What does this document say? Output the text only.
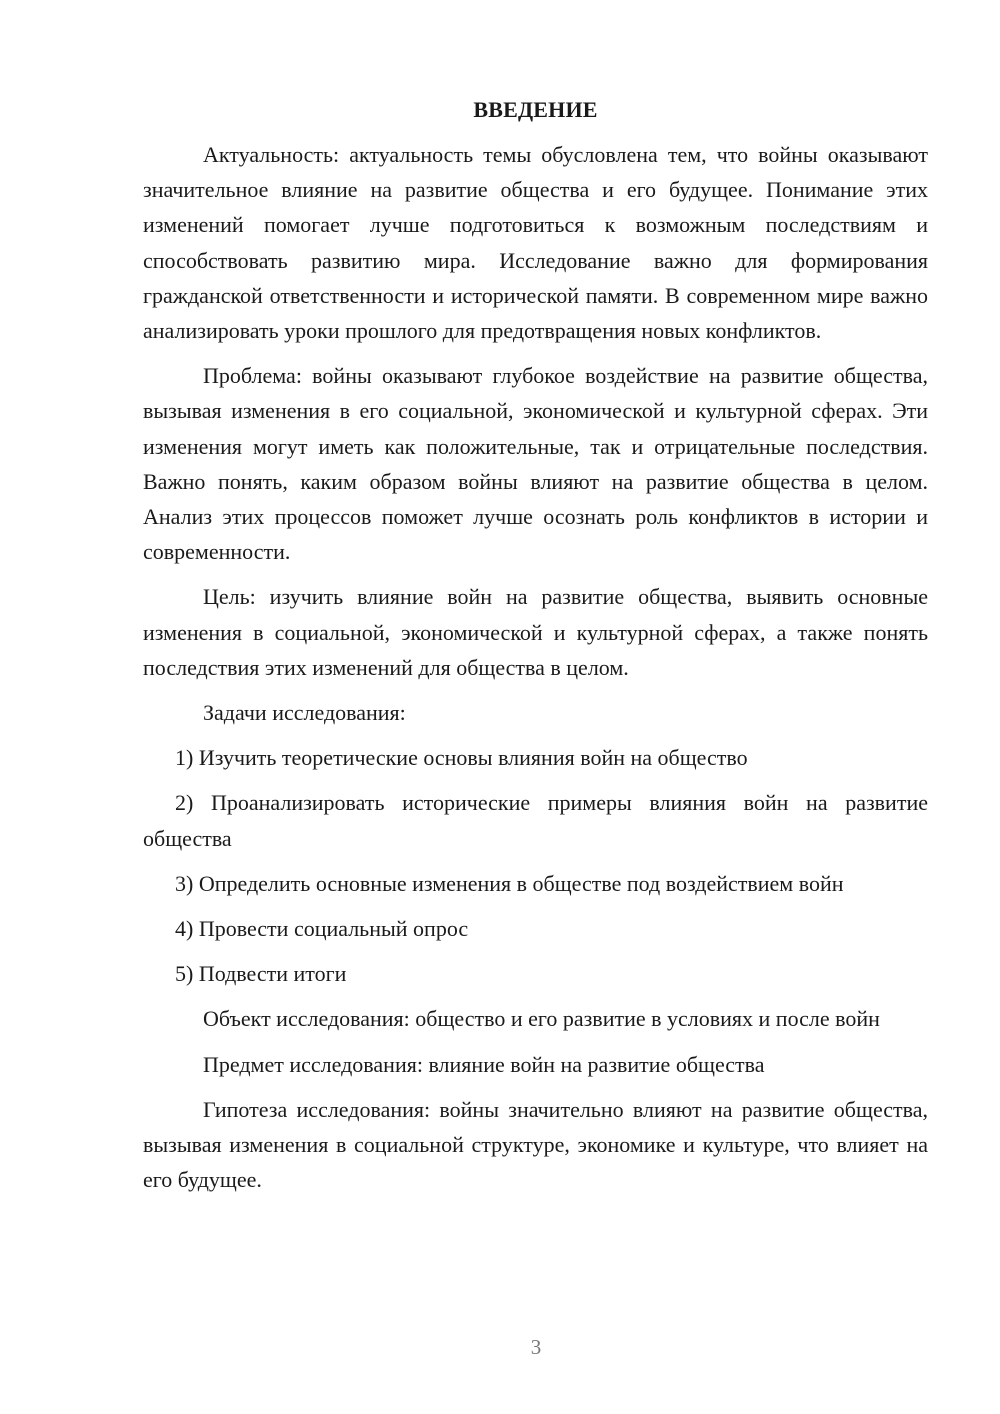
ВВЕДЕНИЕ

Актуальность: актуальность темы обусловлена тем, что войны оказывают значительное влияние на развитие общества и его будущее. Понимание этих изменений помогает лучше подготовиться к возможным последствиям и способствовать развитию мира. Исследование важно для формирования гражданской ответственности и исторической памяти. В современном мире важно анализировать уроки прошлого для предотвращения новых конфликтов.

Проблема: войны оказывают глубокое воздействие на развитие общества, вызывая изменения в его социальной, экономической и культурной сферах. Эти изменения могут иметь как положительные, так и отрицательные последствия. Важно понять, каким образом войны влияют на развитие общества в целом. Анализ этих процессов поможет лучше осознать роль конфликтов в истории и современности.

Цель: изучить влияние войн на развитие общества, выявить основные изменения в социальной, экономической и культурной сферах, а также понять последствия этих изменений для общества в целом.

Задачи исследования:

1) Изучить теоретические основы влияния войн на общество

2) Проанализировать исторические примеры влияния войн на развитие общества

3) Определить основные изменения в обществе под воздействием войн

4) Провести социальный опрос

5) Подвести итоги

Объект исследования: общество и его развитие в условиях и после войн

Предмет исследования: влияние войн на развитие общества

Гипотеза исследования: войны значительно влияют на развитие общества, вызывая изменения в социальной структуре, экономике и культуре, что влияет на его будущее.

3
